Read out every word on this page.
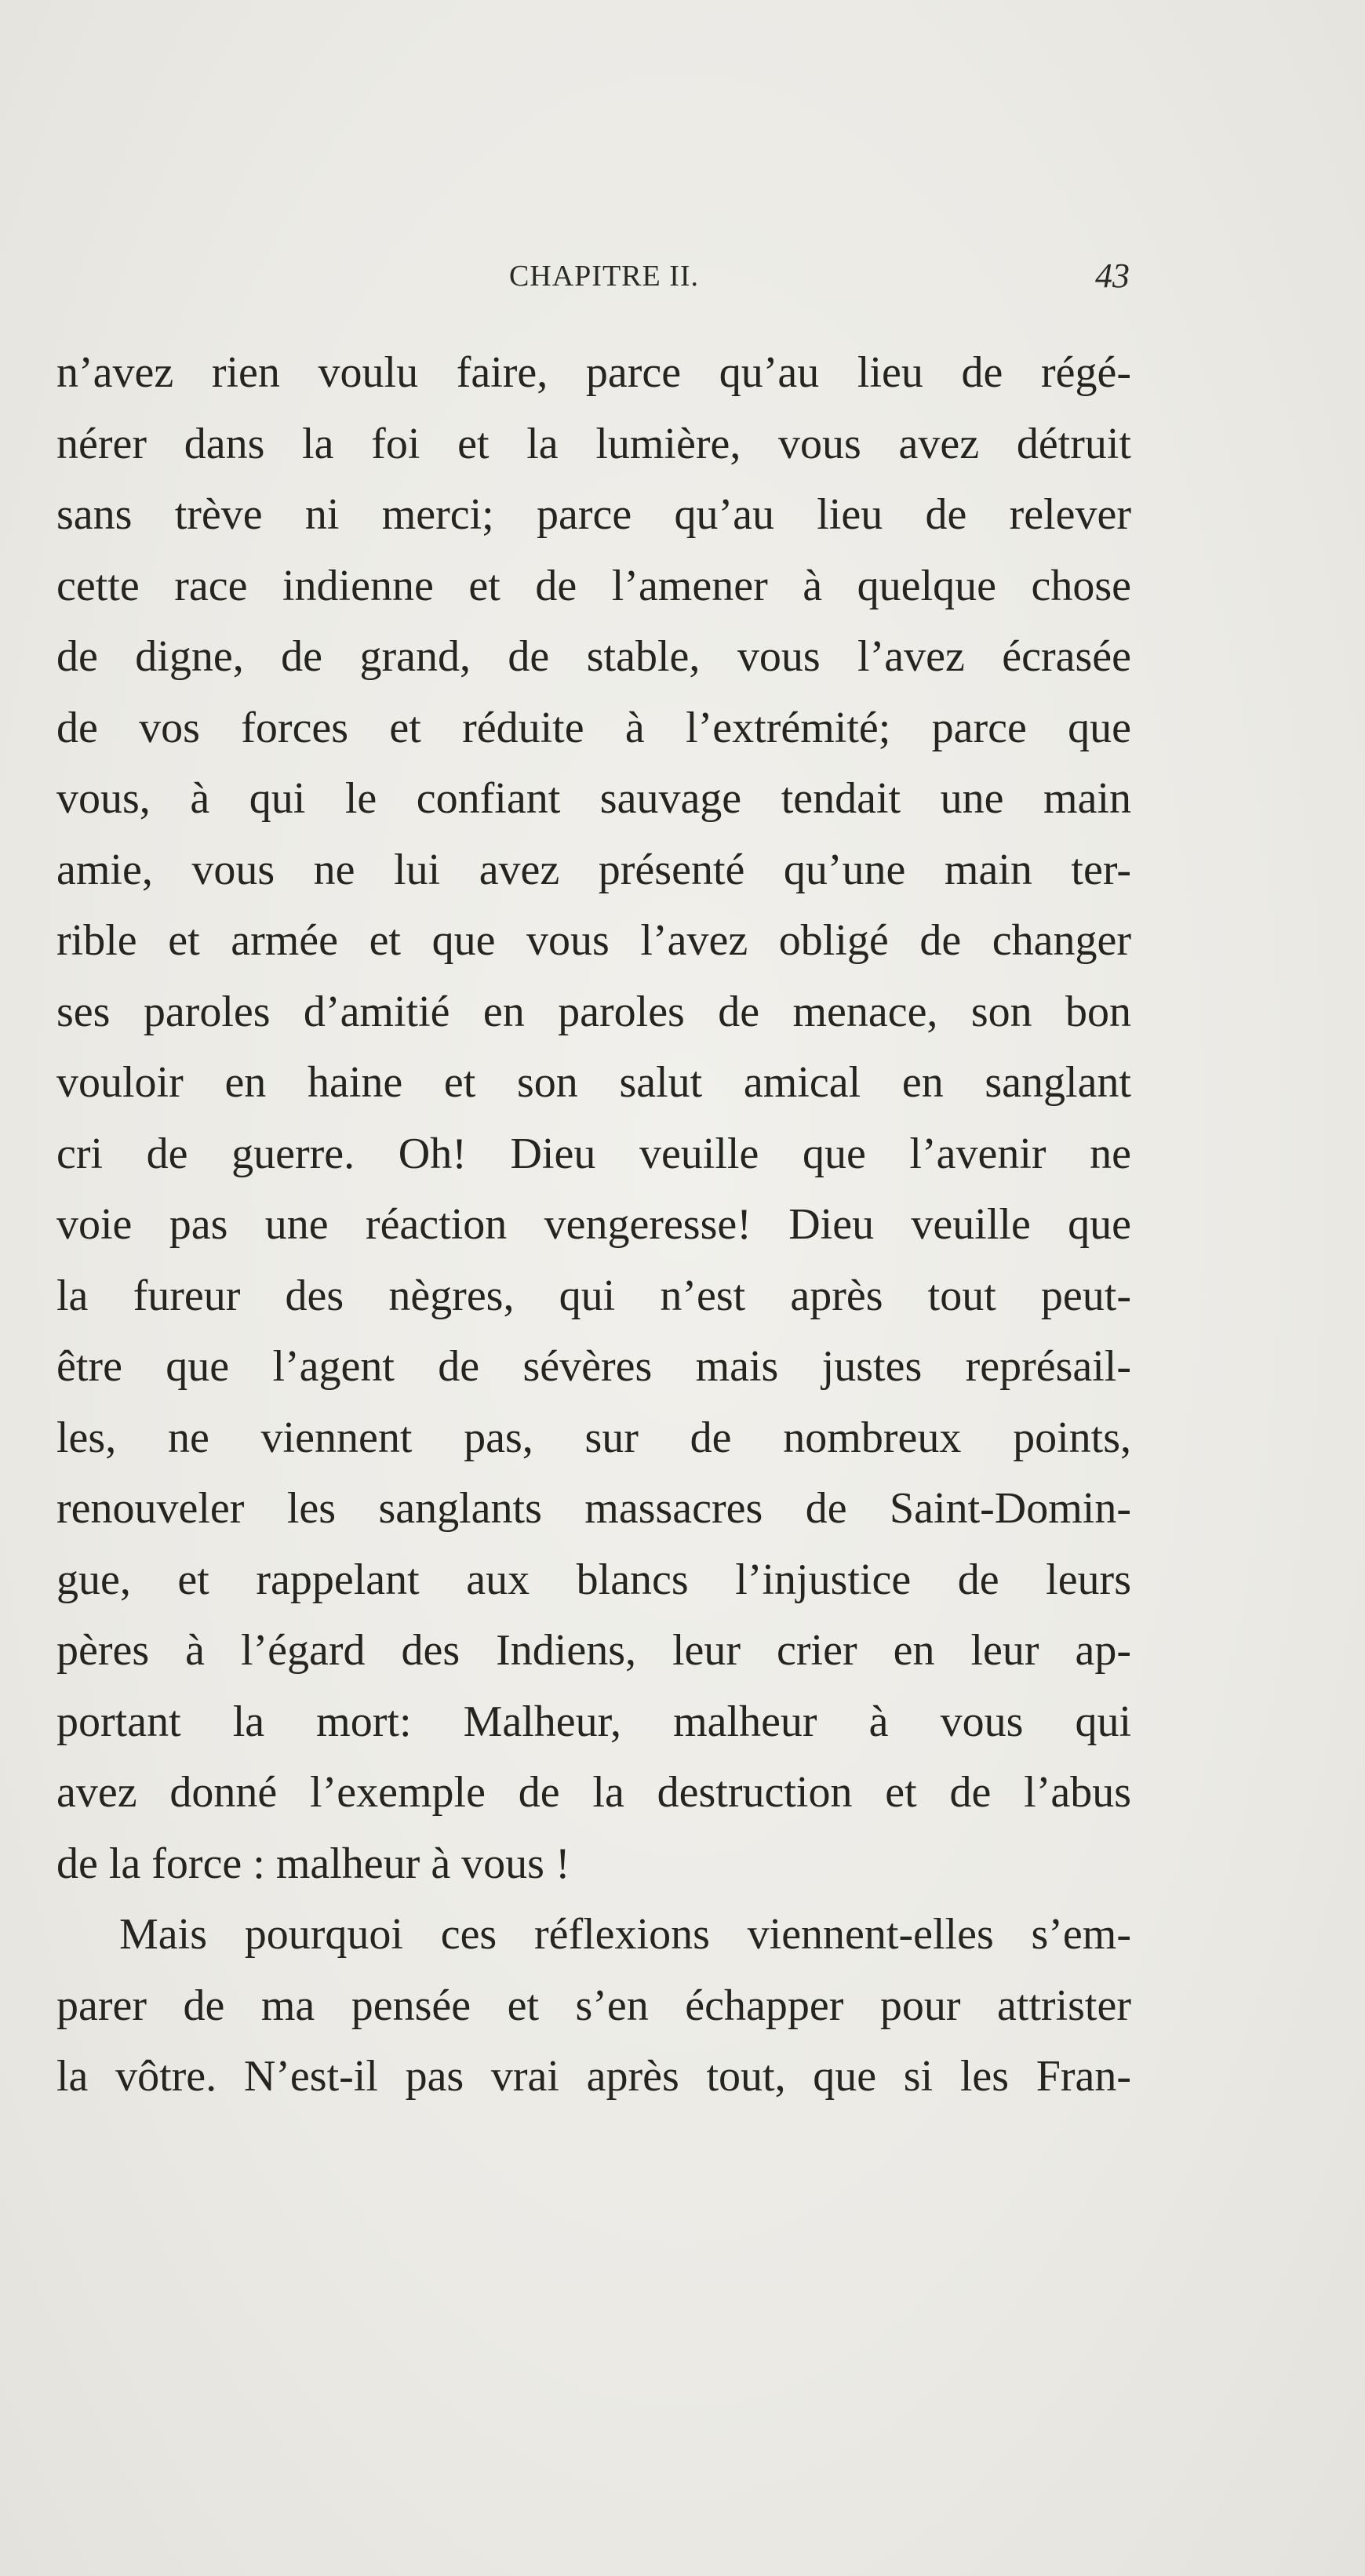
CHAPITRE II.	43
n’avez rien voulu faire, parce qu’au lieu de régé-
nérer dans la foi et la lumière, vous avez détruit
sans trève ni merci; parce qu’au lieu de relever
cette race indienne et de l’amener à quelque chose
de digne, de grand, de stable, vous l’avez écrasée
de vos forces et réduite à l’extrémité; parce que
vous, à qui le confiant sauvage tendait une main
amie, vous ne lui avez présenté qu’une main ter-
rible et armée et que vous l’avez obligé de changer
ses paroles d’amitié en paroles de menace, son bon
vouloir en haine et son salut amical en sanglant
cri de guerre. Oh! Dieu veuille que l’avenir ne
voie pas une réaction vengeresse! Dieu veuille que
la fureur des nègres, qui n’est après tout peut-
être que l’agent de sévères mais justes représail-
les, ne viennent pas, sur de nombreux points,
renouveler les sanglants massacres de Saint-Domin-
gue, et rappelant aux blancs l’injustice de leurs
pères à l’égard des Indiens, leur crier en leur ap-
portant la mort: Malheur, malheur à vous qui
avez donné l’exemple de la destruction et de l’abus
de la force : malheur à vous !
Mais pourquoi ces réflexions viennent-elles s’em-
parer de ma pensée et s’en échapper pour attrister
la vôtre. N’est-il pas vrai après tout, que si les Fran-
